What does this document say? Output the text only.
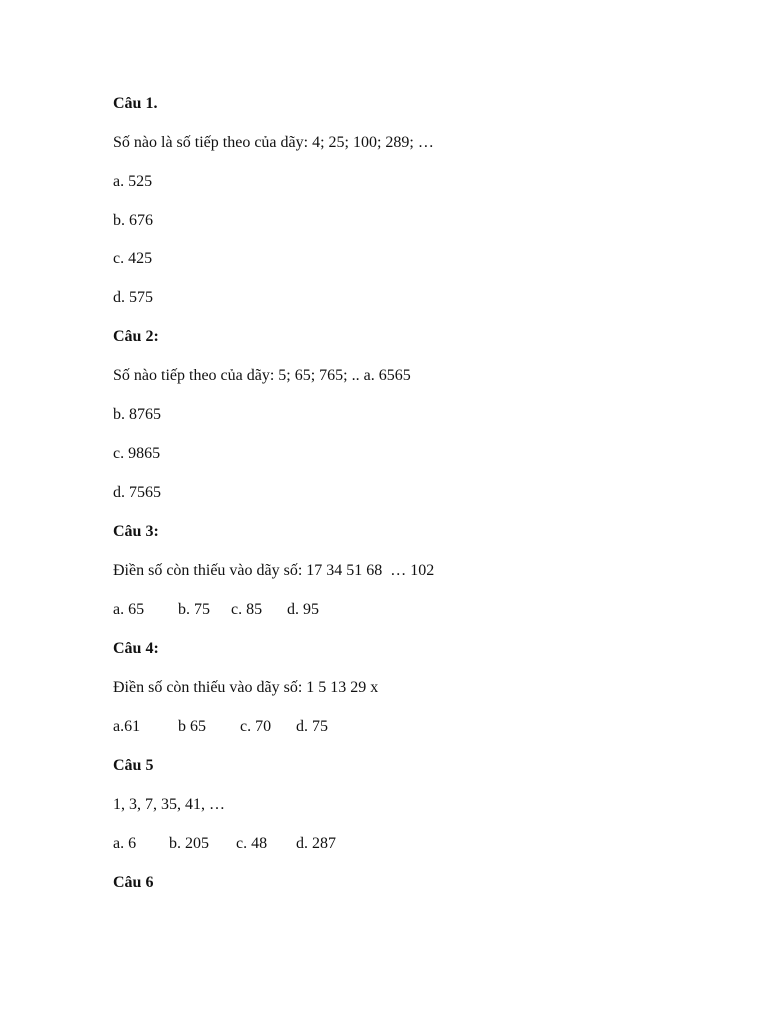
Câu 1.
Số nào là số tiếp theo của dãy: 4; 25; 100; 289; …
a. 525
b. 676
c. 425
d. 575
Câu 2:
Số nào tiếp theo của dãy: 5; 65; 765; .. a. 6565
b. 8765
c. 9865
d. 7565
Câu 3:
Điền số còn thiếu vào dãy số: 17 34 51 68  … 102
a. 65 b. 75 c. 85 d. 95
Câu 4:
Điền số còn thiếu vào dãy số: 1 5 13 29 x
a.61 b 65 c. 70 d. 75
Câu 5
1, 3, 7, 35, 41, …
a. 6 b. 205 c. 48 d. 287
Câu 6
